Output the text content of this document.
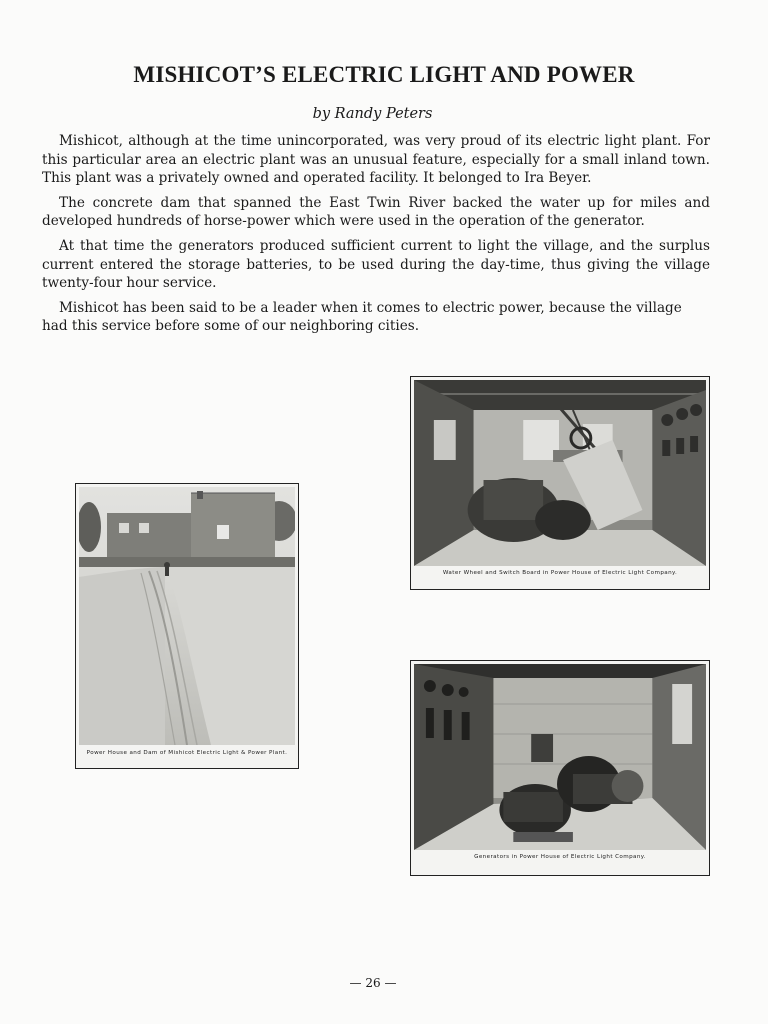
MISHICOT’S ELECTRIC LIGHT AND POWER
by Randy Peters

Mishicot, although at the time unincorporated, was very proud of its electric light plant. For this particular area an electric plant was an unusual feature, especially for a small inland town. This plant was a privately owned and operated facility. It belonged to Ira Beyer.

The concrete dam that spanned the East Twin River backed the water up for miles and developed hundreds of horse-power which were used in the operation of the generator.

At that time the generators produced sufficient current to light the village, and the surplus current entered the storage batteries, to be used during the day-time, thus giving the village twenty-four hour service.

Mishicot has been said to be a leader when it comes to electric power, because the village had this service before some of our neighboring cities.

Power House and Dam of Mishicot Electric Light & Power Plant.
Water Wheel and Switch Board in Power House of Electric Light Company.
Generators in Power House of Electric Light Company.
— 26 —
